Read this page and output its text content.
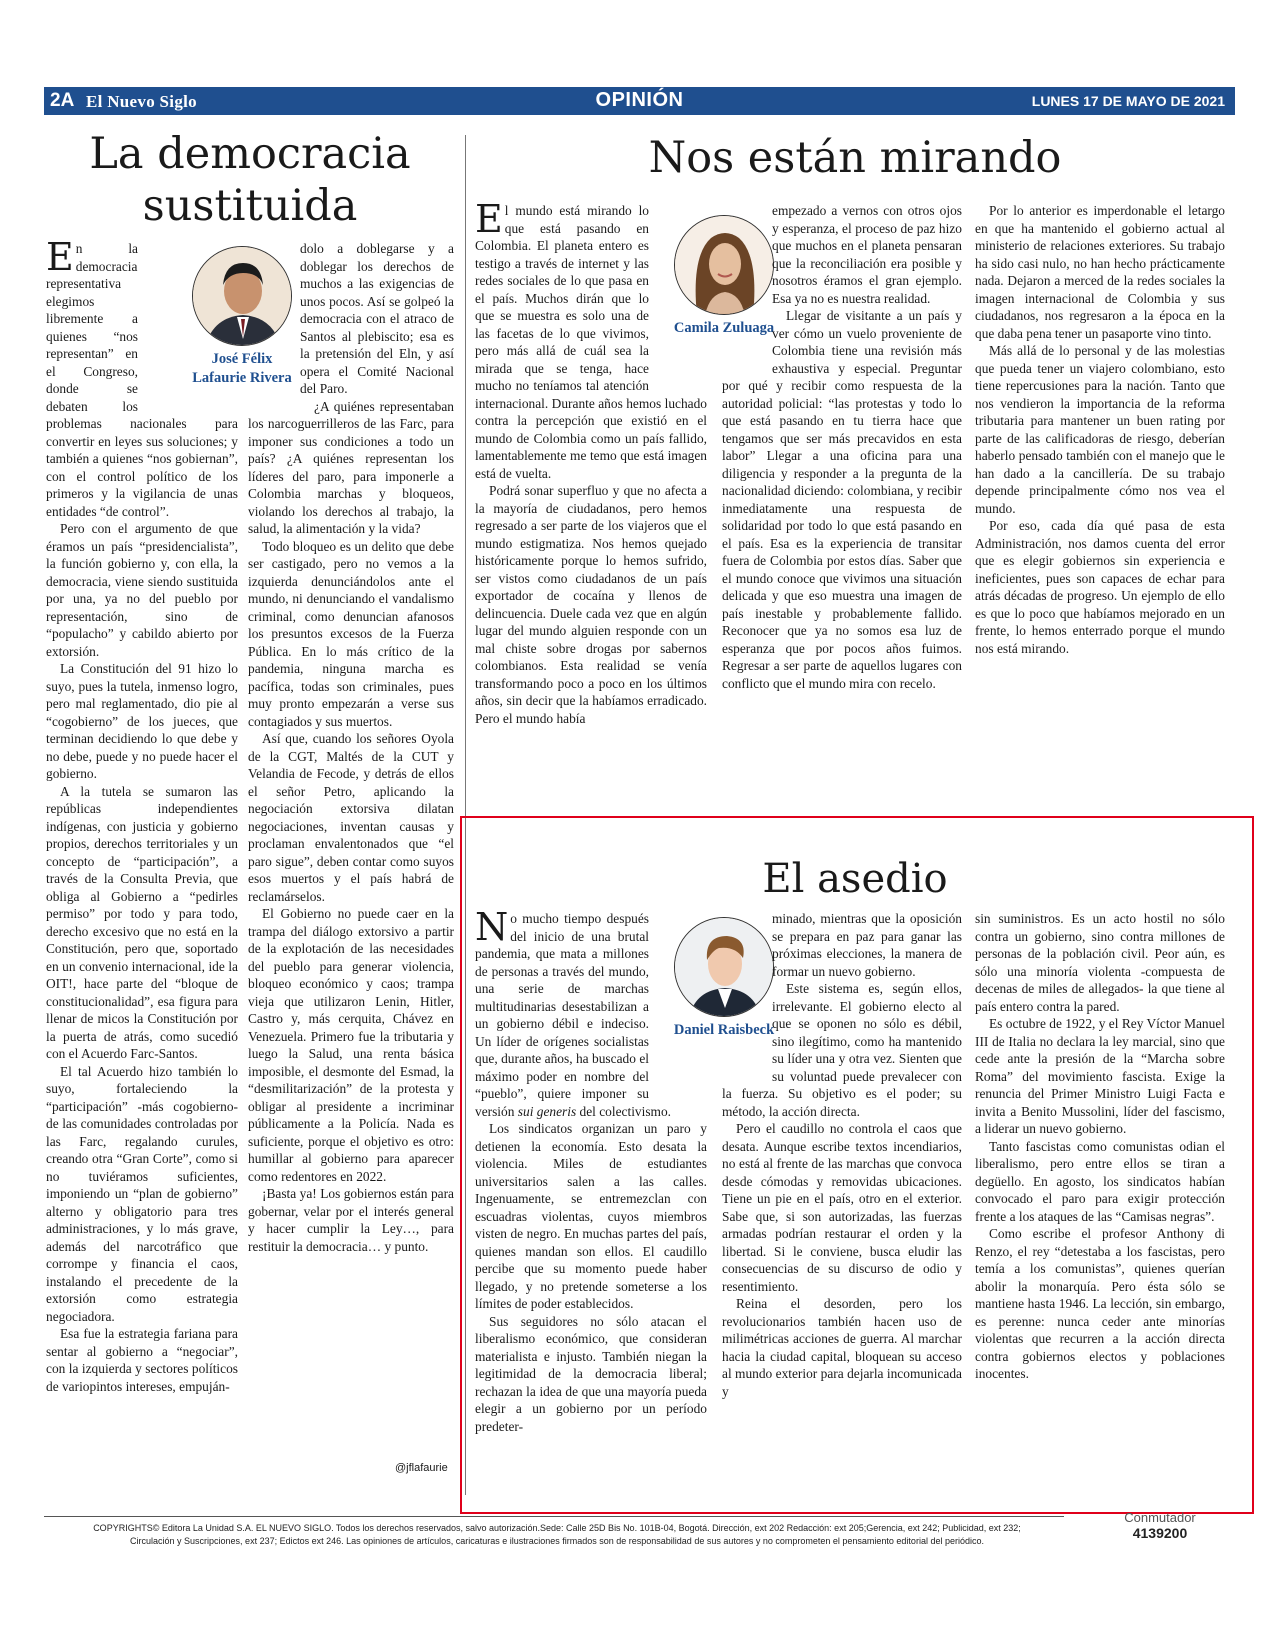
2A El Nuevo Siglo	OPINIÓN	LUNES 17 DE MAYO DE 2021
La democracia sustituida
José Félix Lafaurie Rivera

En la democracia representativa elegimos libremente a quienes “nos representan” en el Congreso, donde se debaten los problemas nacionales para convertir en leyes sus soluciones; y también a quienes “nos gobiernan”, con el control político de los primeros y la vigilancia de unas entidades “de control”.

Pero con el argumento de que éramos un país “presidencialista”, la función gobierno y, con ella, la democracia, viene siendo sustituida por una, ya no del pueblo por representación, sino de “populacho” y cabildo abierto por extorsión.

La Constitución del 91 hizo lo suyo, pues la tutela, inmenso logro, pero mal reglamentado, dio pie al “cogobierno” de los jueces, que terminan decidiendo lo que debe y no debe, puede y no puede hacer el gobierno.

A la tutela se sumaron las repúblicas independientes indígenas, con justicia y gobierno propios, derechos territoriales y un concepto de “participación”, a través de la Consulta Previa, que obliga al Gobierno a “pedirles permiso” por todo y para todo, derecho excesivo que no está en la Constitución, pero que, soportado en un convenio internacional, ide la OIT!, hace parte del “bloque de constitucionalidad”, esa figura para llenar de micos la Constitución por la puerta de atrás, como sucedió con el Acuerdo Farc-Santos.

El tal Acuerdo hizo también lo suyo, fortaleciendo la “participación” -más cogobierno- de las comunidades controladas por las Farc, regalando curules, creando otra “Gran Corte”, como si no tuviéramos suficientes, imponiendo un “plan de gobierno” alterno y obligatorio para tres administraciones, y lo más grave, además del narcotráfico que corrompe y financia el caos, instalando el precedente de la extorsión como estrategia negociadora.

Esa fue la estrategia fariana para sentar al gobierno a “negociar”, con la izquierda y sectores políticos de variopintos intereses, empuján-

dolo a doblegarse y a doblegar los derechos de muchos a las exigencias de unos pocos. Así se golpeó la democracia con el atraco de Santos al plebiscito; esa es la pretensión del Eln, y así opera el Comité Nacional del Paro.

¿A quiénes representaban los narcoguerrilleros de las Farc, para imponer sus condiciones a todo un país? ¿A quiénes representan los líderes del paro, para imponerle a Colombia marchas y bloqueos, violando los derechos al trabajo, la salud, la alimentación y la vida?

Todo bloqueo es un delito que debe ser castigado, pero no vemos a la izquierda denunciándolos ante el mundo, ni denunciando el vandalismo criminal, como denuncian afanosos los presuntos excesos de la Fuerza Pública. En lo más crítico de la pandemia, ninguna marcha es pacífica, todas son criminales, pues muy pronto empezarán a verse sus contagiados y sus muertos.

Así que, cuando los señores Oyola de la CGT, Maltés de la CUT y Velandia de Fecode, y detrás de ellos el señor Petro, aplicando la negociación extorsiva dilatan negociaciones, inventan causas y proclaman envalentonados que “el paro sigue”, deben contar como suyos esos muertos y el país habrá de reclamárselos.

El Gobierno no puede caer en la trampa del diálogo extorsivo a partir de la explotación de las necesidades del pueblo para generar violencia, bloqueo económico y caos; trampa vieja que utilizaron Lenin, Hitler, Castro y, más cerquita, Chávez en Venezuela. Primero fue la tributaria y luego la Salud, una renta básica imposible, el desmonte del Esmad, la “desmilitarización” de la protesta y obligar al presidente a incriminar públicamente a la Policía. Nada es suficiente, porque el objetivo es otro: humillar al gobierno para aparecer como redentores en 2022.

¡Basta ya! Los gobiernos están para gobernar, velar por el interés general y hacer cumplir la Ley…, para restituir la democracia… y punto.

@jflafaurie
Nos están mirando
Camila Zuluaga

El mundo está mirando lo que está pasando en Colombia. El planeta entero es testigo a través de internet y las redes sociales de lo que pasa en el país. Muchos dirán que lo que se muestra es solo una de las facetas de lo que vivimos, pero más allá de cuál sea la mirada que se tenga, hace mucho no teníamos tal atención internacional. Durante años hemos luchado contra la percepción que existió en el mundo de Colombia como un país fallido, lamentablemente me temo que está imagen está de vuelta.

Podrá sonar superfluo y que no afecta a la mayoría de ciudadanos, pero hemos regresado a ser parte de los viajeros que el mundo estigmatiza. Nos hemos quejado históricamente porque lo hemos sufrido, ser vistos como ciudadanos de un país exportador de cocaína y llenos de delincuencia. Duele cada vez que en algún lugar del mundo alguien responde con un mal chiste sobre drogas por sabernos colombianos. Esta realidad se venía transformando poco a poco en los últimos años, sin decir que la habíamos erradicado. Pero el mundo había

empezado a vernos con otros ojos y esperanza, el proceso de paz hizo que muchos en el planeta pensaran que la reconciliación era posible y nosotros éramos el gran ejemplo. Esa ya no es nuestra realidad.

Llegar de visitante a un país y ver cómo un vuelo proveniente de Colombia tiene una revisión más exhaustiva y especial. Preguntar por qué y recibir como respuesta de la autoridad policial: “las protestas y todo lo que está pasando en tu tierra hace que tengamos que ser más precavidos en esta labor” Llegar a una oficina para una diligencia y responder a la pregunta de la nacionalidad diciendo: colombiana, y recibir inmediatamente una respuesta de solidaridad por todo lo que está pasando en el país. Esa es la experiencia de transitar fuera de Colombia por estos días. Saber que el mundo conoce que vivimos una situación delicada y que eso muestra una imagen de país inestable y probablemente fallido. Reconocer que ya no somos esa luz de esperanza que por pocos años fuimos. Regresar a ser parte de aquellos lugares con conflicto que el mundo mira con recelo.

Por lo anterior es imperdonable el letargo en que ha mantenido el gobierno actual al ministerio de relaciones exteriores. Su trabajo ha sido casi nulo, no han hecho prácticamente nada. Dejaron a merced de la redes sociales la imagen internacional de Colombia y sus ciudadanos, nos regresaron a la época en la que daba pena tener un pasaporte vino tinto.

Más allá de lo personal y de las molestias que pueda tener un viajero colombiano, esto tiene repercusiones para la nación. Tanto que nos vendieron la importancia de la reforma tributaria para mantener un buen rating por parte de las calificadoras de riesgo, deberían haberlo pensado también con el manejo que le han dado a la cancillería. De su trabajo depende principalmente cómo nos vea el mundo.

Por eso, cada día qué pasa de esta Administración, nos damos cuenta del error que es elegir gobiernos sin experiencia e ineficientes, pues son capaces de echar para atrás décadas de progreso. Un ejemplo de ello es que lo poco que habíamos mejorado en un frente, lo hemos enterrado porque el mundo nos está mirando.

El asedio
Daniel Raisbeck

No mucho tiempo después del inicio de una brutal pandemia, que mata a millones de personas a través del mundo, una serie de marchas multitudinarias desestabilizan a un gobierno débil e indeciso. Un líder de orígenes socialistas que, durante años, ha buscado el máximo poder en nombre del “pueblo”, quiere imponer su versión sui generis del colectivismo.

Los sindicatos organizan un paro y detienen la economía. Esto desata la violencia. Miles de estudiantes universitarios salen a las calles. Ingenuamente, se entremezclan con escuadras violentas, cuyos miembros visten de negro. En muchas partes del país, quienes mandan son ellos. El caudillo percibe que su momento puede haber llegado, y no pretende someterse a los límites de poder establecidos.

Sus seguidores no sólo atacan el liberalismo económico, que consideran materialista e injusto. También niegan la legitimidad de la democracia liberal; rechazan la idea de que una mayoría pueda elegir a un gobierno por un período predeter-

minado, mientras que la oposición se prepara en paz para ganar las próximas elecciones, la manera de formar un nuevo gobierno.

Este sistema es, según ellos, irrelevante. El gobierno electo al que se oponen no sólo es débil, sino ilegítimo, como ha mantenido su líder una y otra vez. Sienten que su voluntad puede prevalecer con la fuerza. Su objetivo es el poder; su método, la acción directa.

Pero el caudillo no controla el caos que desata. Aunque escribe textos incendiarios, no está al frente de las marchas que convoca desde cómodas y removidas ubicaciones. Tiene un pie en el país, otro en el exterior. Sabe que, si son autorizadas, las fuerzas armadas podrían restaurar el orden y la libertad. Si le conviene, busca eludir las consecuencias de su discurso de odio y resentimiento.

Reina el desorden, pero los revolucionarios también hacen uso de milimétricas acciones de guerra. Al marchar hacia la ciudad capital, bloquean su acceso al mundo exterior para dejarla incomunicada y

sin suministros. Es un acto hostil no sólo contra un gobierno, sino contra millones de personas de la población civil. Peor aún, es sólo una minoría violenta -compuesta de decenas de miles de allegados- la que tiene al país entero contra la pared.

Es octubre de 1922, y el Rey Víctor Manuel III de Italia no declara la ley marcial, sino que cede ante la presión de la “Marcha sobre Roma” del movimiento fascista. Exige la renuncia del Primer Ministro Luigi Facta e invita a Benito Mussolini, líder del fascismo, a liderar un nuevo gobierno.

Tanto fascistas como comunistas odian el liberalismo, pero entre ellos se tiran a degüello. En agosto, los sindicatos habían convocado el paro para exigir protección frente a los ataques de las “Camisas negras”.

Como escribe el profesor Anthony di Renzo, el rey “detestaba a los fascistas, pero temía a los comunistas”, quienes querían abolir la monarquía. Pero ésta sólo se mantiene hasta 1946. La lección, sin embargo, es perenne: nunca ceder ante minorías violentas que recurren a la acción directa contra gobiernos electos y poblaciones inocentes.

COPYRIGHTS© Editora La Unidad S.A. EL NUEVO SIGLO. Todos los derechos reservados, salvo autorización.Sede: Calle 25D Bis No. 101B-04, Bogotá. Dirección, ext 202 Redacción: ext 205;Gerencia, ext 242; Publicidad, ext 232;
Circulación y Suscripciones, ext 237; Edictos ext 246. Las opiniones de artículos, caricaturas e ilustraciones firmados son de responsabilidad de sus autores y no comprometen el pensamiento editorial del periódico.
Conmutador
4139200
